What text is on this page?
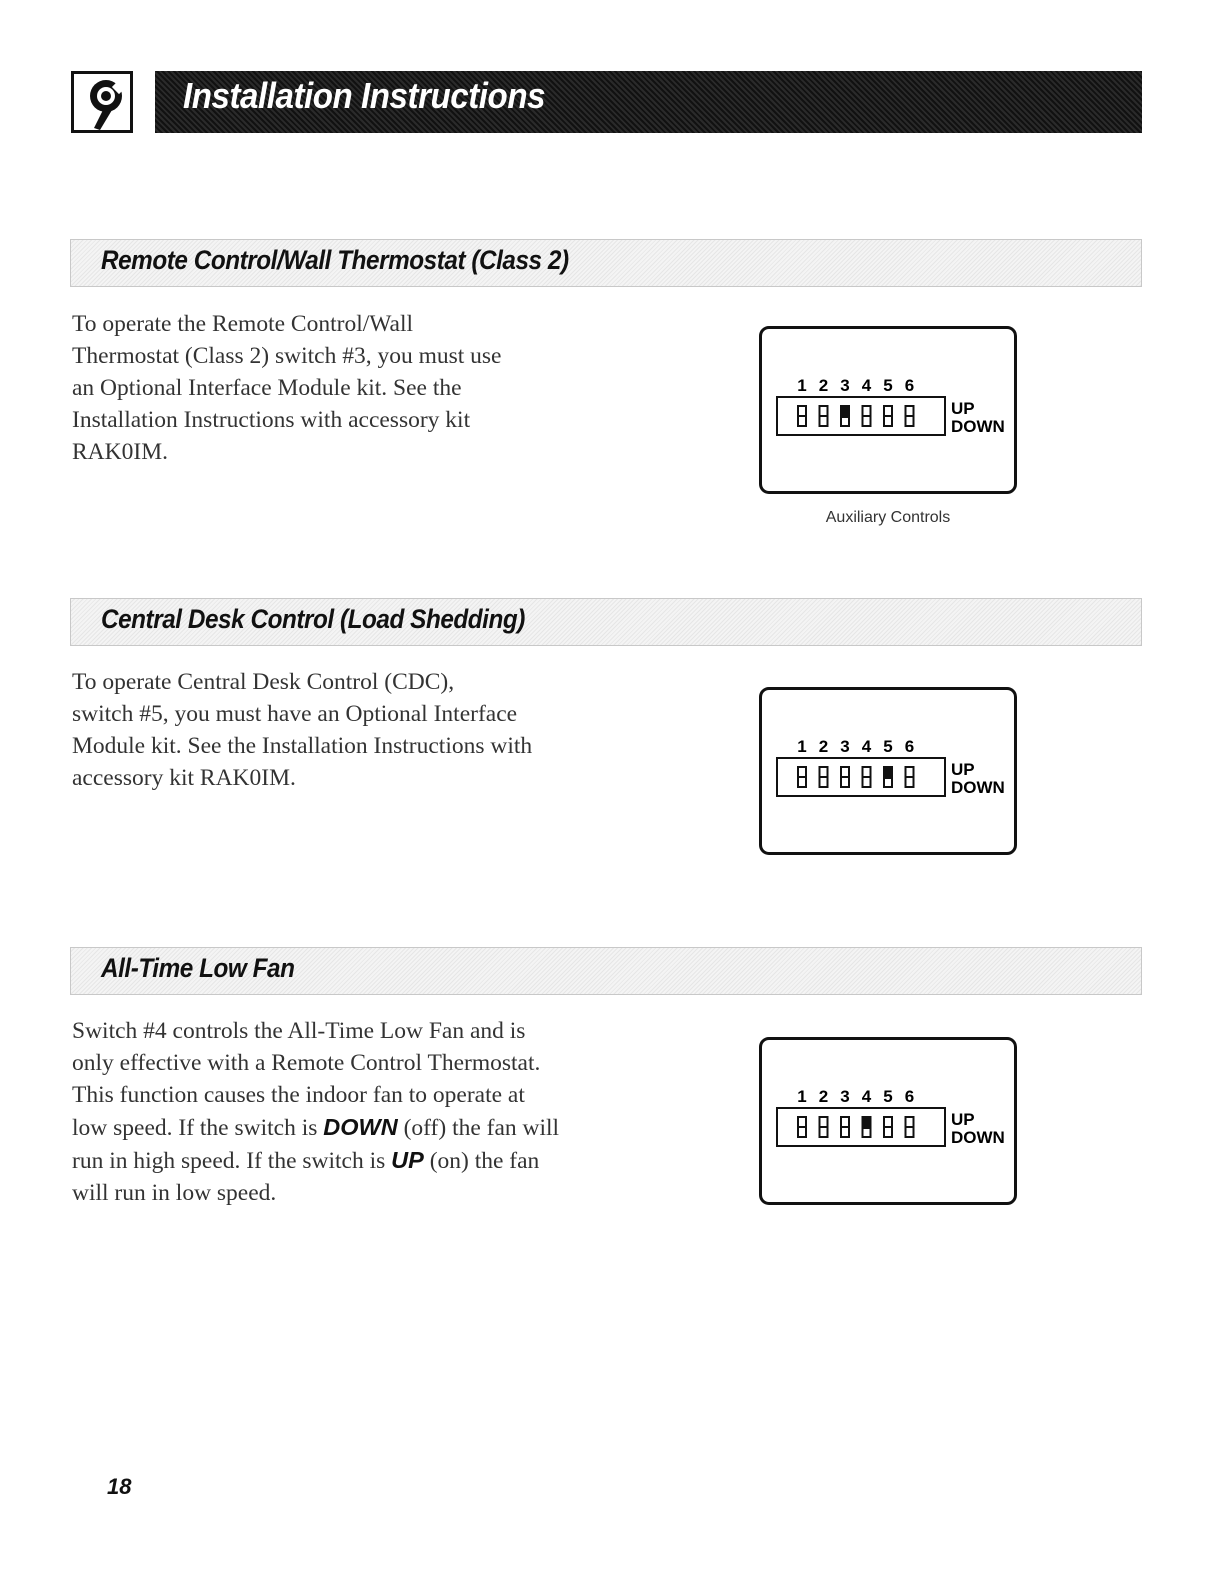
Installation Instructions
Remote Control/Wall Thermostat (Class 2)

To operate the Remote Control/Wall
Thermostat (Class 2) switch #3, you must use
an Optional Interface Module kit. See the
Installation Instructions with accessory kit
RAK0IM.

1 2 3 4 5 6
UP
DOWN
Auxiliary Controls
Central Desk Control (Load Shedding)

To operate Central Desk Control (CDC),
switch #5, you must have an Optional Interface
Module kit. See the Installation Instructions with
accessory kit RAK0IM.

1 2 3 4 5 6
UP
DOWN
All-Time Low Fan

Switch #4 controls the All-Time Low Fan and is
only effective with a Remote Control Thermostat.
This function causes the indoor fan to operate at
low speed. If the switch is DOWN (off) the fan will
run in high speed. If the switch is UP (on) the fan
will run in low speed.

1 2 3 4 5 6
UP
DOWN
18
